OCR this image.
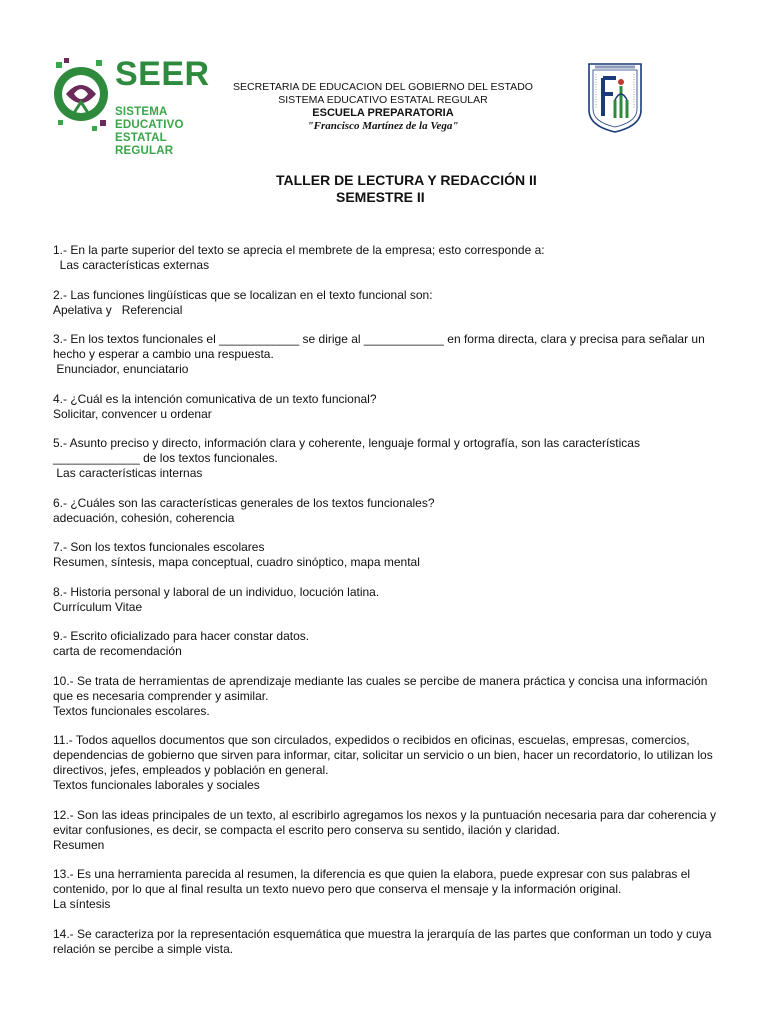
SEER
SISTEMA EDUCATIVO
ESTATAL REGULAR
SECRETARIA DE EDUCACION DEL GOBIERNO DEL ESTADO
SISTEMA EDUCATIVO ESTATAL REGULAR
ESCUELA PREPARATORIA
"Francisco Martínez de la Vega"
TALLER DE LECTURA Y REDACCIÓN II
SEMESTRE II
1.- En la parte superior del texto se aprecia el membrete de la empresa; esto corresponde a:
Las características externas
2.- Las funciones lingüísticas que se localizan en el texto funcional son:
Apelativa y   Referencial
3.- En los textos funcionales el ____________ se dirige al ____________ en forma directa, clara y precisa para señalar un hecho y esperar a cambio una respuesta.
Enunciador, enunciatario
4.- ¿Cuál es la intención comunicativa de un texto funcional?
Solicitar, convencer u ordenar
5.- Asunto preciso y directo, información clara y coherente, lenguaje formal y ortografía, son las características _____________ de los textos funcionales.
Las características internas
6.- ¿Cuáles son las características generales de los textos funcionales?
adecuación, cohesión, coherencia
7.- Son los textos funcionales escolares
Resumen, síntesis, mapa conceptual, cuadro sinóptico, mapa mental
8.- Historia personal y laboral de un individuo, locución latina.
Currículum Vitae
9.- Escrito oficializado para hacer constar datos.
carta de recomendación
10.- Se trata de herramientas de aprendizaje mediante las cuales se percibe de manera práctica y concisa una información que es necesaria comprender y asimilar.
Textos funcionales escolares.
11.- Todos aquellos documentos que son circulados, expedidos o recibidos en oficinas, escuelas, empresas, comercios, dependencias de gobierno que sirven para informar, citar, solicitar un servicio o un bien, hacer un recordatorio, lo utilizan los directivos, jefes, empleados y población en general.
Textos funcionales laborales y sociales
12.- Son las ideas principales de un texto, al escribirlo agregamos los nexos y la puntuación necesaria para dar coherencia y evitar confusiones, es decir, se compacta el escrito pero conserva su sentido, ilación y claridad.
Resumen
13.- Es una herramienta parecida al resumen, la diferencia es que quien la elabora, puede expresar con sus palabras el contenido, por lo que al final resulta un texto nuevo pero que conserva el mensaje y la información original.
La síntesis
14.- Se caracteriza por la representación esquemática que muestra la jerarquía de las partes que conforman un todo y cuya relación se percibe a simple vista.
